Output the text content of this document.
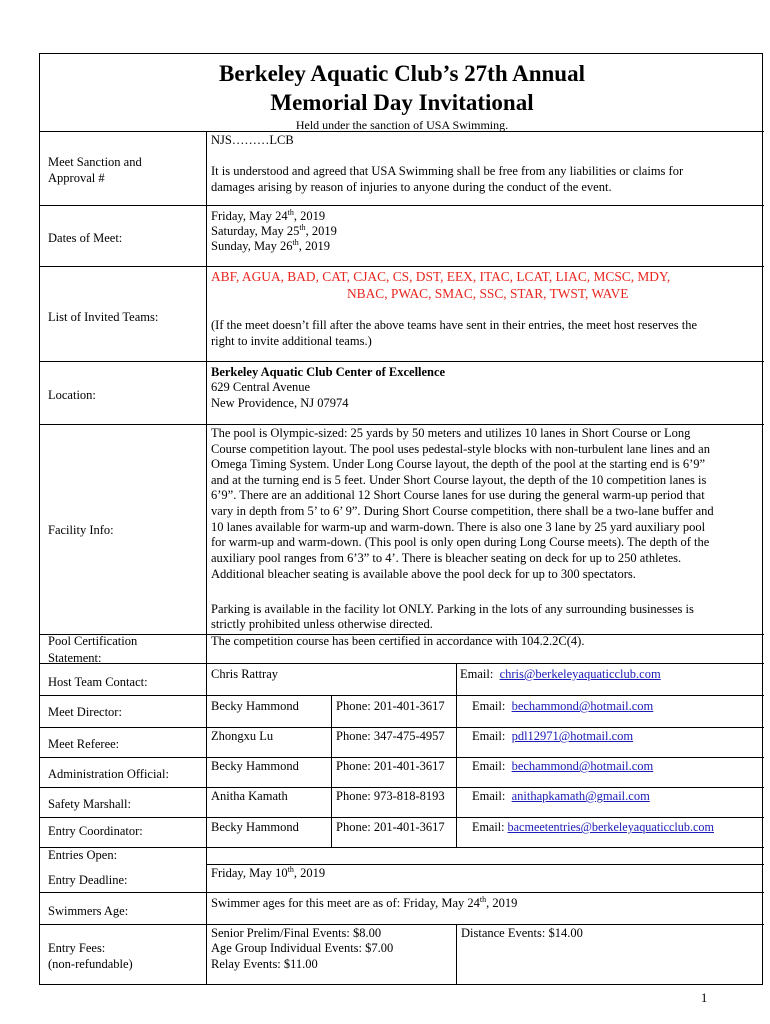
Berkeley Aquatic Club’s 27th Annual
Memorial Day Invitational
Held under the sanction of USA Swimming.
Meet Sanction and
Approval #
NJS………LCB
It is understood and agreed that USA Swimming shall be free from any liabilities or claims for
damages arising by reason of injuries to anyone during the conduct of the event.
Dates of Meet:
Friday, May 24th, 2019
Saturday, May 25th, 2019
Sunday, May 26th, 2019
List of Invited Teams:
ABF, AGUA, BAD, CAT, CJAC, CS, DST, EEX, ITAC, LCAT, LIAC, MCSC, MDY,
NBAC, PWAC, SMAC, SSC, STAR, TWST, WAVE
(If the meet doesn’t fill after the above teams have sent in their entries, the meet host reserves the
right to invite additional teams.)
Location:
Berkeley Aquatic Club Center of Excellence
629 Central Avenue
New Providence, NJ 07974
Facility Info:
The pool is Olympic-sized: 25 yards by 50 meters and utilizes 10 lanes in Short Course or Long
Course competition layout. The pool uses pedestal-style blocks with non-turbulent lane lines and an
Omega Timing System. Under Long Course layout, the depth of the pool at the starting end is 6’9”
and at the turning end is 5 feet. Under Short Course layout, the depth of the 10 competition lanes is
6’9”. There are an additional 12 Short Course lanes for use during the general warm-up period that
vary in depth from 5’ to 6’ 9”. During Short Course competition, there shall be a two-lane buffer and
10 lanes available for warm-up and warm-down. There is also one 3 lane by 25 yard auxiliary pool
for warm-up and warm-down. (This pool is only open during Long Course meets). The depth of the
auxiliary pool ranges from 6’3” to 4’. There is bleacher seating on deck for up to 250 athletes.
Additional bleacher seating is available above the pool deck for up to 300 spectators.
Parking is available in the facility lot ONLY. Parking in the lots of any surrounding businesses is
strictly prohibited unless otherwise directed.
Pool Certification
Statement:
The competition course has been certified in accordance with 104.2.2C(4).
Host Team Contact:
Chris Rattray	Email: chris@berkeleyaquaticclub.com
Meet Director:	Becky Hammond	Phone: 201-401-3617 Email: bechammond@hotmail.com
Meet Referee:
Zhongxu Lu	Phone: 347-475-4957 Email: pdl12971@hotmail.com
Administration Official:
Becky Hammond	Phone: 201-401-3617 Email: bechammond@hotmail.com
Safety Marshall:
Anitha Kamath	Phone: 973-818-8193 Email: anithapkamath@gmail.com
Entry Coordinator:	Becky Hammond	Phone: 201-401-3617 Email: bacmeetentries@berkeleyaquaticclub.com
Entries Open:
Entry Deadline:	Friday, May 10th, 2019
Swimmers Age:
Swimmer ages for this meet are as of: Friday, May 24th, 2019
Entry Fees:
(non-refundable)
Senior Prelim/Final Events: $8.00
Age Group Individual Events: $7.00
Relay Events: $11.00
Distance Events: $14.00
1
